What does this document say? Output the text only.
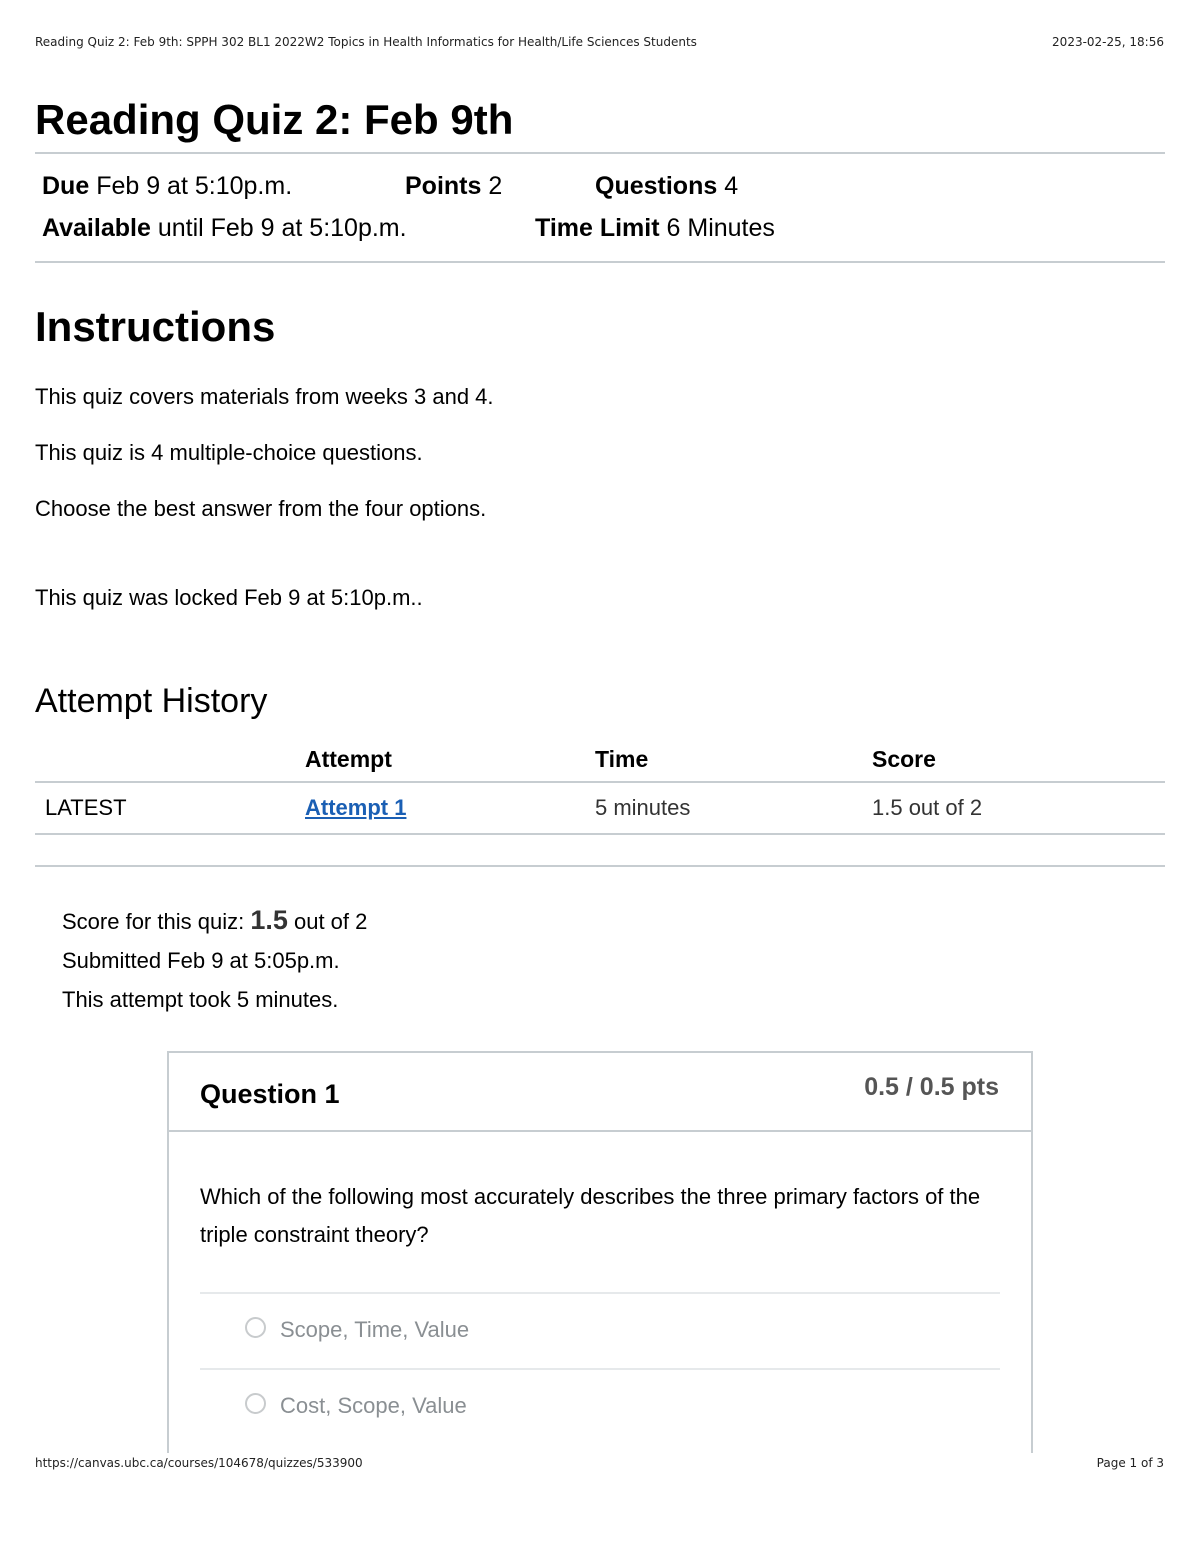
Reading Quiz 2: Feb 9th: SPPH 302 BL1 2022W2 Topics in Health Informatics for Health/Life Sciences Students	2023-02-25, 18:56
Reading Quiz 2: Feb 9th
Due Feb 9 at 5:10p.m.	Points 2	Questions 4
Available until Feb 9 at 5:10p.m.	Time Limit 6 Minutes
Instructions

This quiz covers materials from weeks 3 and 4.

This quiz is 4 multiple-choice questions.

Choose the best answer from the four options.

This quiz was locked Feb 9 at 5:10p.m..

Attempt History
	Attempt	Time	Score
LATEST	Attempt 1	5 minutes	1.5 out of 2
Score for this quiz: 1.5 out of 2
Submitted Feb 9 at 5:05p.m.
This attempt took 5 minutes.
Question 1	0.5 / 0.5 pts
Which of the following most accurately describes the three primary factors of the triple constraint theory?
Scope, Time, Value
Cost, Scope, Value
https://canvas.ubc.ca/courses/104678/quizzes/533900	Page 1 of 3
